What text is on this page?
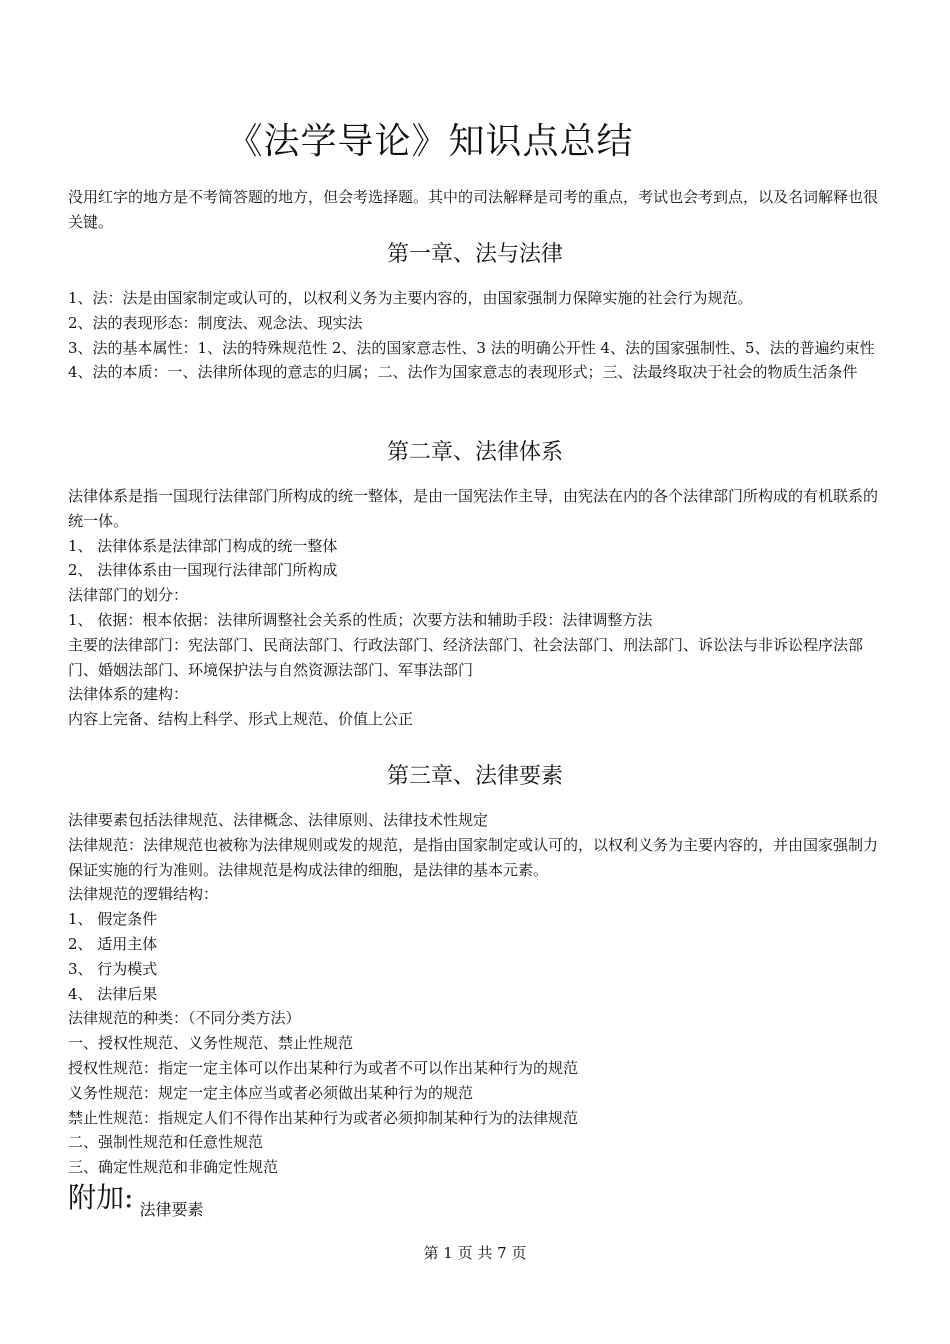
《法学导论》知识点总结
没用红字的地方是不考简答题的地方，但会考选择题。其中的司法解释是司考的重点，考试也会考到点，以及名词解释也很关键。
第一章、法与法律

1、法：法是由国家制定或认可的，以权利义务为主要内容的，由国家强制力保障实施的社会行为规范。

2、法的表现形态：制度法、观念法、现实法

3、法的基本属性：1、法的特殊规范性 2、法的国家意志性、3 法的明确公开性 4、法的国家强制性、5、法的普遍约束性

4、法的本质：一、法律所体现的意志的归属；二、法作为国家意志的表现形式；三、法最终取决于社会的物质生活条件

第二章、法律体系

法律体系是指一国现行法律部门所构成的统一整体，是由一国宪法作主导，由宪法在内的各个法律部门所构成的有机联系的统一体。

1、 法律体系是法律部门构成的统一整体

2、 法律体系由一国现行法律部门所构成

法律部门的划分：

1、 依据：根本依据：法律所调整社会关系的性质；次要方法和辅助手段：法律调整方法

主要的法律部门：宪法部门、民商法部门、行政法部门、经济法部门、社会法部门、刑法部门、诉讼法与非诉讼程序法部门、婚姻法部门、环境保护法与自然资源法部门、军事法部门

法律体系的建构：

内容上完备、结构上科学、形式上规范、价值上公正

第三章、法律要素

法律要素包括法律规范、法律概念、法律原则、法律技术性规定

法律规范：法律规范也被称为法律规则或发的规范，是指由国家制定或认可的，以权利义务为主要内容的，并由国家强制力保证实施的行为准则。法律规范是构成法律的细胞，是法律的基本元素。

法律规范的逻辑结构：

1、 假定条件

2、 适用主体

3、 行为模式

4、 法律后果

法律规范的种类：（不同分类方法）

一、授权性规范、义务性规范、禁止性规范

授权性规范：指定一定主体可以作出某种行为或者不可以作出某种行为的规范

义务性规范：规定一定主体应当或者必须做出某种行为的规范

禁止性规范：指规定人们不得作出某种行为或者必须抑制某种行为的法律规范

二、强制性规范和任意性规范

三、确定性规范和非确定性规范

附加: $_{法律要素}$
第 1 页 共 7 页
